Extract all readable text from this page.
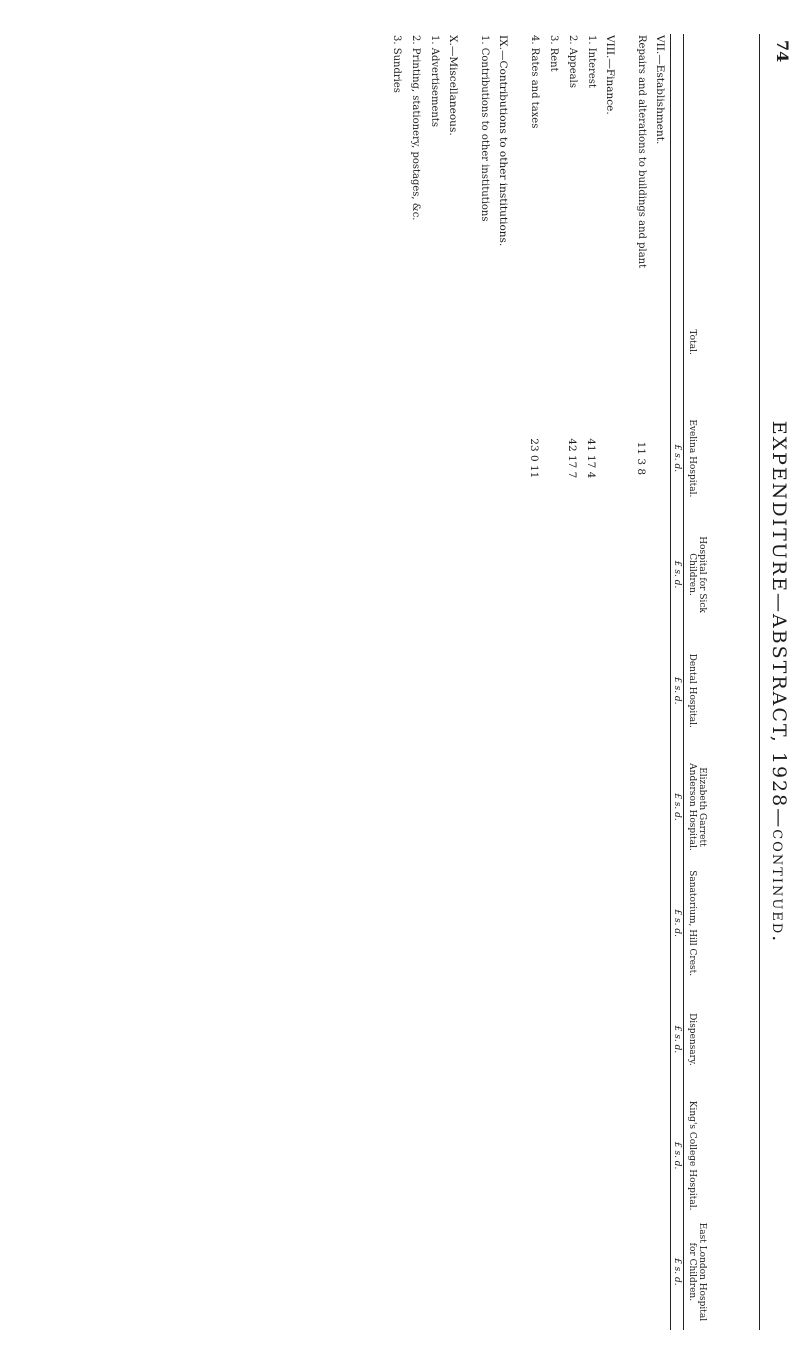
74
EXPENDITURE—ABSTRACT, 1928—continued.
	Total.	Evelina Hospital.	Hospital for Sick Children.	Dental Hospital.	Elizabeth Garrett Anderson Hospital.	Sanatorium, Hill Crest.	Dispensary.	King's College Hospital.	East London Hospital for Children.
		£ s. d.	£ s. d.	£ s. d.	£ s. d.	£ s. d.	£ s. d.	£ s. d.	£ s. d.
VII.—Establishment.									
Repairs and alterations to buildings and plant		11 3 8							

VIII.—Finance.									
1. Interest		41 17 4							
2. Appeals		42 17 7							
3. Rent									
4. Rates and taxes		23 0 11							

IX.—Contributions to other institutions.									
1. Contributions to other institutions									

X.—Miscellaneous.									
1. Advertisements									
2. Printing, stationery, postages, &c.									
3. Sundries									
